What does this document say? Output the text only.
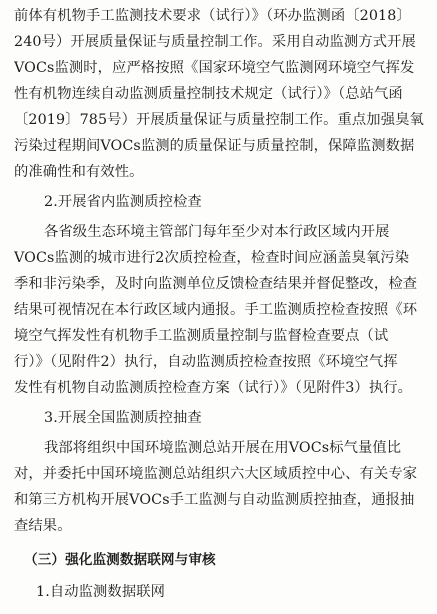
前体有机物手工监测技术要求（试行）》（环办监测函〔2018〕
240号）开展质量保证与质量控制工作。采用自动监测方式开展
VOCs监测时，应严格按照《国家环境空气监测网环境空气挥发
性有机物连续自动监测质量控制技术规定（试行）》（总站气函
〔2019〕785号）开展质量保证与质量控制工作。重点加强臭氧
污染过程期间VOCs监测的质量保证与质量控制，保障监测数据
的准确性和有效性。
2.开展省内监测质控检查
各省级生态环境主管部门每年至少对本行政区域内开展
VOCs监测的城市进行2次质控检查，检查时间应涵盖臭氧污染
季和非污染季，及时向监测单位反馈检查结果并督促整改，检查
结果可视情况在本行政区域内通报。手工监测质控检查按照《环
境空气挥发性有机物手工监测质量控制与监督检查要点（试
行）》（见附件2）执行，自动监测质控检查按照《环境空气挥
发性有机物自动监测质控检查方案（试行）》（见附件3）执行。
3.开展全国监测质控抽查
我部将组织中国环境监测总站开展在用VOCs标气量值比
对，并委托中国环境监测总站组织六大区域质控中心、有关专家
和第三方机构开展VOCs手工监测与自动监测质控抽查，通报抽
查结果。
（三）强化监测数据联网与审核
1.自动监测数据联网
